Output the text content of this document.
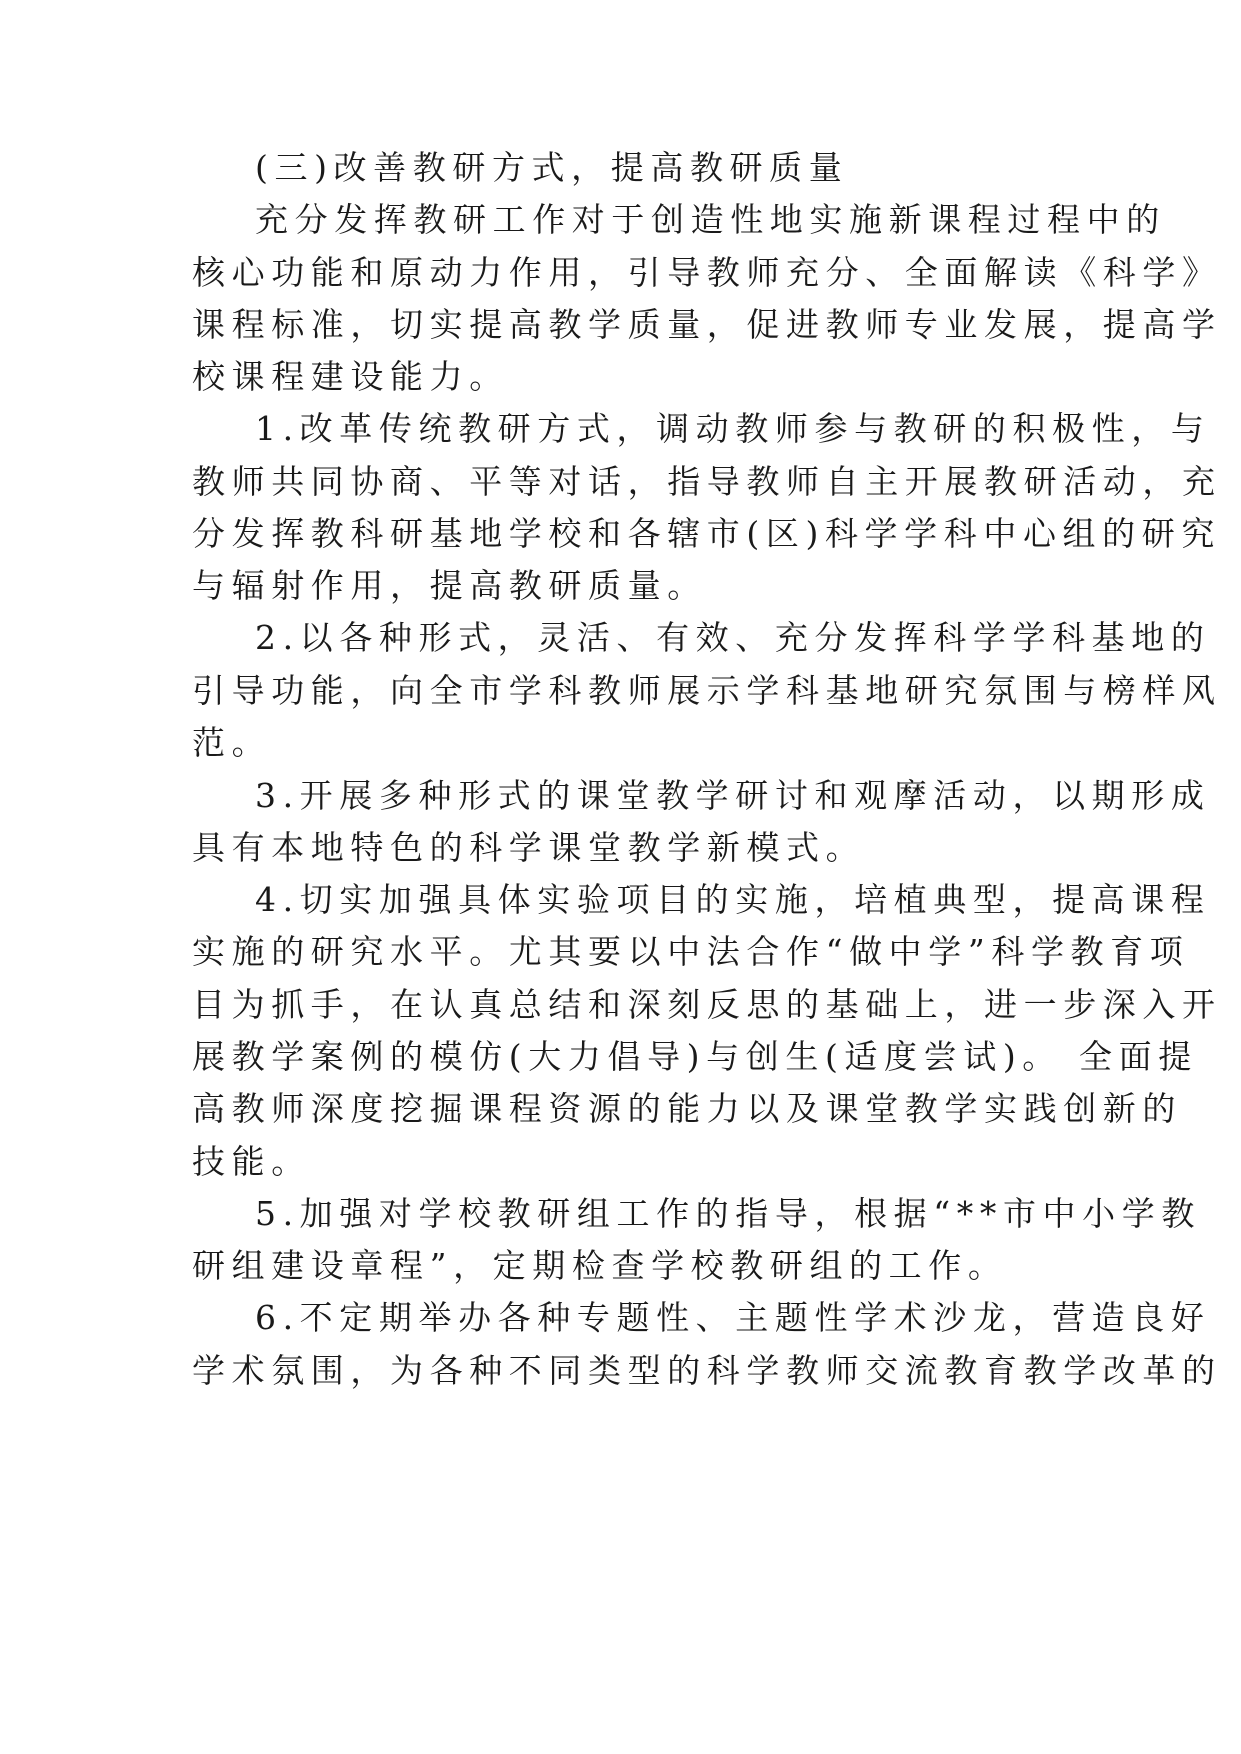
(三)改善教研方式，提高教研质量
充分发挥教研工作对于创造性地实施新课程过程中的
核心功能和原动力作用，引导教师充分、全面解读《科学》
课程标准，切实提高教学质量，促进教师专业发展，提高学
校课程建设能力。
1.改革传统教研方式，调动教师参与教研的积极性，与
教师共同协商、平等对话，指导教师自主开展教研活动，充
分发挥教科研基地学校和各辖市(区)科学学科中心组的研究
与辐射作用，提高教研质量。
2.以各种形式，灵活、有效、充分发挥科学学科基地的
引导功能，向全市学科教师展示学科基地研究氛围与榜样风
范。
3.开展多种形式的课堂教学研讨和观摩活动，以期形成
具有本地特色的科学课堂教学新模式。
4.切实加强具体实验项目的实施，培植典型，提高课程
实施的研究水平。尤其要以中法合作“做中学”科学教育项
目为抓手，在认真总结和深刻反思的基础上，进一步深入开
展教学案例的模仿(大力倡导)与创生(适度尝试)。 全面提
高教师深度挖掘课程资源的能力以及课堂教学实践创新的
技能。
5.加强对学校教研组工作的指导，根据“**市中小学教
研组建设章程”，定期检查学校教研组的工作。
6.不定期举办各种专题性、主题性学术沙龙，营造良好
学术氛围，为各种不同类型的科学教师交流教育教学改革的
